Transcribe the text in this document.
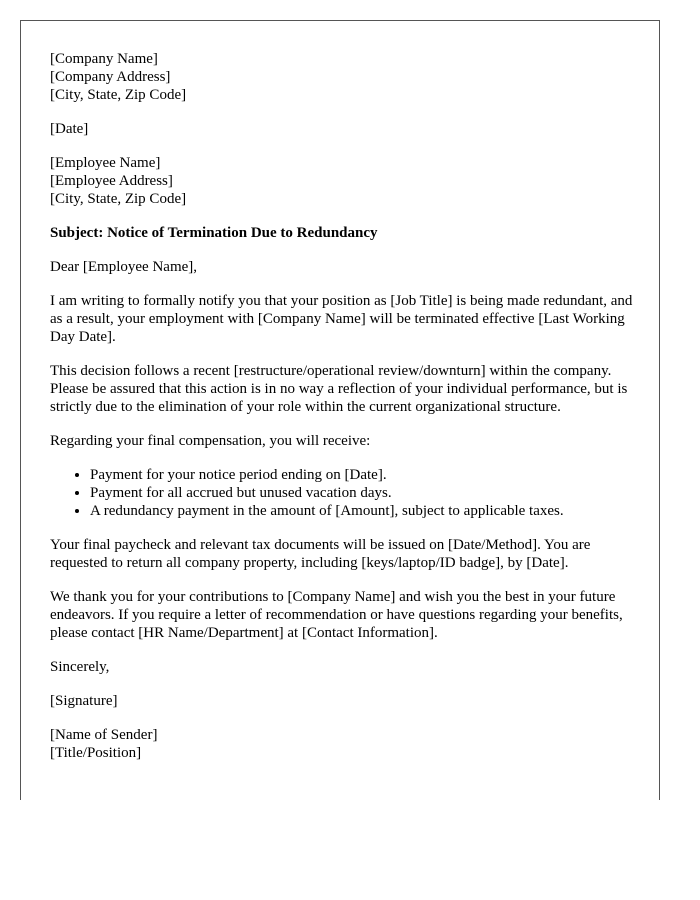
[Company Name]
[Company Address]
[City, State, Zip Code]
[Date]
[Employee Name]
[Employee Address]
[City, State, Zip Code]
Subject: Notice of Termination Due to Redundancy
Dear [Employee Name],
I am writing to formally notify you that your position as [Job Title] is being made redundant, and as a result, your employment with [Company Name] will be terminated effective [Last Working Day Date].
This decision follows a recent [restructure/operational review/downturn] within the company. Please be assured that this action is in no way a reflection of your individual performance, but is strictly due to the elimination of your role within the current organizational structure.
Regarding your final compensation, you will receive:
• Payment for your notice period ending on [Date].
• Payment for all accrued but unused vacation days.
• A redundancy payment in the amount of [Amount], subject to applicable taxes.
Your final paycheck and relevant tax documents will be issued on [Date/Method]. You are requested to return all company property, including [keys/laptop/ID badge], by [Date].
We thank you for your contributions to [Company Name] and wish you the best in your future endeavors. If you require a letter of recommendation or have questions regarding your benefits, please contact [HR Name/Department] at [Contact Information].
Sincerely,
[Signature]
[Name of Sender]
[Title/Position]
